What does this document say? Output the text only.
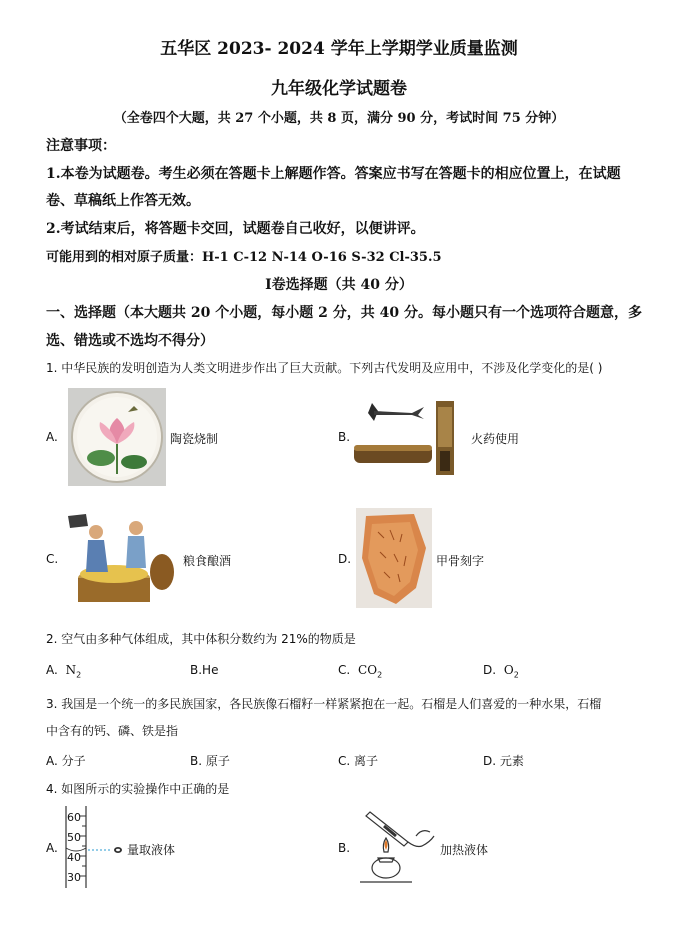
五华区 2023- 2024 学年上学期学业质量监测
九年级化学试题卷
（全卷四个大题，共 27 个小题，共 8 页，满分 90 分，考试时间 75 分钟）
注意事项：
1.本卷为试题卷。考生必须在答题卡上解题作答。答案应书写在答题卡的相应位置上，在试题
卷、草稿纸上作答无效。
2.考试结束后，将答题卡交回，试题卷自己收好，以便讲评。
可能用到的相对原子质量：H-1 C-12 N-14 O-16 S-32 Cl-35.5
I卷选择题（共 40 分）
一、选择题（本大题共 20 个小题，每小题 2 分，共 40 分。每小题只有一个选项符合题意，多
选、错选或不选均不得分）
1. 中华民族的发明创造为人类文明进步作出了巨大贡献。下列古代发明及应用中，不涉及化学变化的是( )
A.	陶瓷烧制	B.	火药使用
C.	粮食酿酒	D.	甲骨刻字
2. 空气由多种气体组成，其中体积分数约为 21%的物质是
A. $N_2$	B.He	C. $CO_2$	D. $O_2$
3. 我国是一个统一的多民族国家，各民族像石榴籽一样紧紧抱在一起。石榴是人们喜爱的一种水果，石榴
中含有的钙、磷、铁是指
A. 分子	B. 原子	C. 离子	D. 元素
4. 如图所示的实验操作中正确的是
A.
60
50
40
30
量取液体	B.	加热液体
